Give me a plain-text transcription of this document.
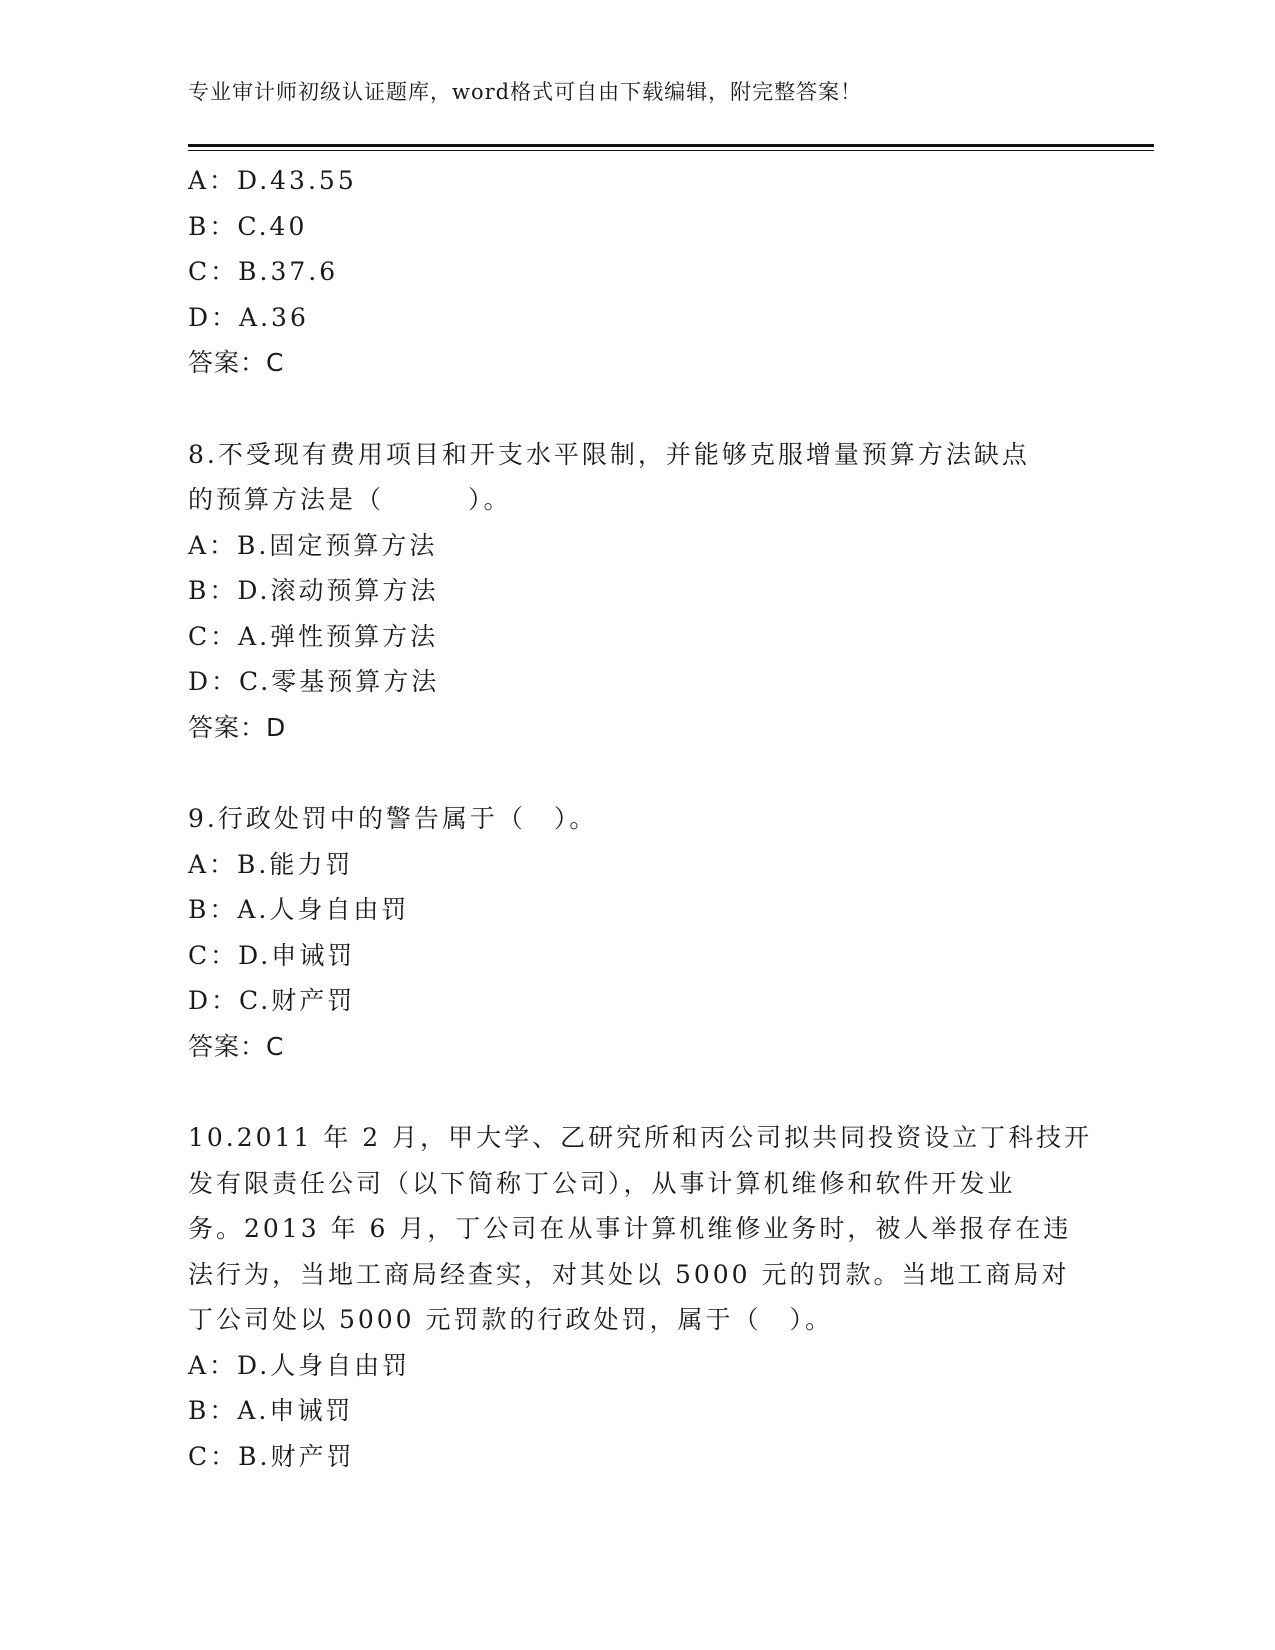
专业审计师初级认证题库，word格式可自由下载编辑，附完整答案！
A：D.43.55
B：C.40
C：B.37.6
D：A.36
答案：C
8.不受现有费用项目和开支水平限制，并能够克服增量预算方法缺点
的预算方法是（　　　）。
A：B.固定预算方法
B：D.滚动预算方法
C：A.弹性预算方法
D：C.零基预算方法
答案：D
9.行政处罚中的警告属于（　）。
A：B.能力罚
B：A.人身自由罚
C：D.申诫罚
D：C.财产罚
答案：C
10.2011 年 2 月，甲大学、乙研究所和丙公司拟共同投资设立丁科技开
发有限责任公司（以下简称丁公司），从事计算机维修和软件开发业
务。2013 年 6 月，丁公司在从事计算机维修业务时，被人举报存在违
法行为，当地工商局经查实，对其处以 5000 元的罚款。当地工商局对
丁公司处以 5000 元罚款的行政处罚，属于（　）。
A：D.人身自由罚
B：A.申诫罚
C：B.财产罚
